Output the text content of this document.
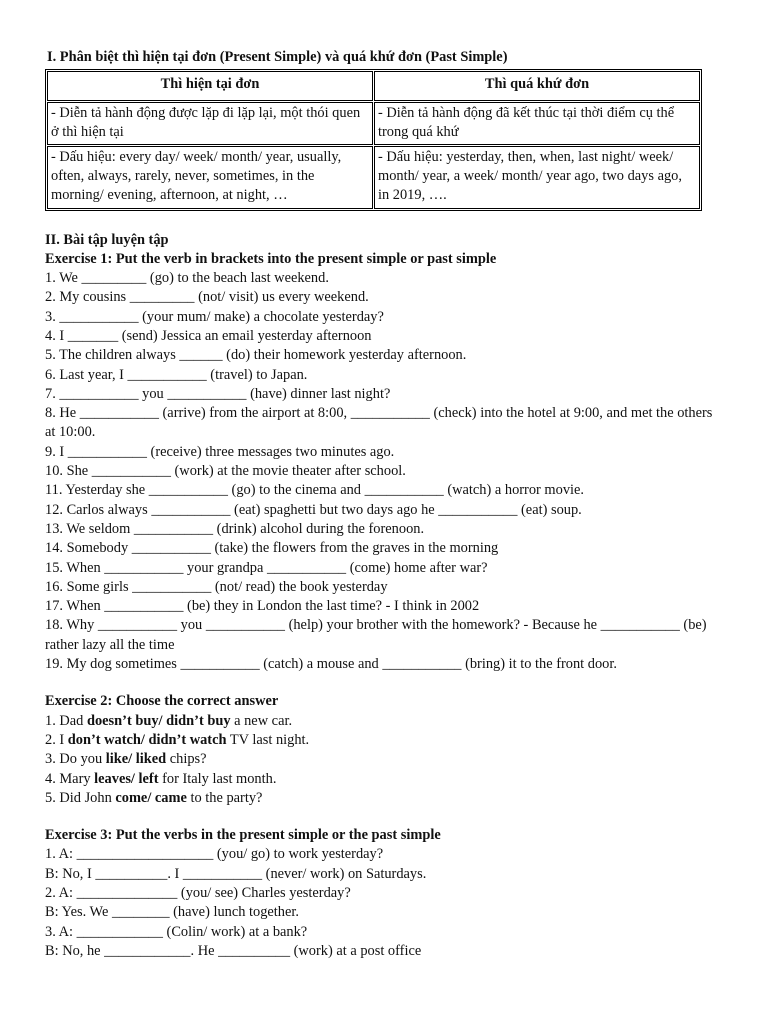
I. Phân biệt thì hiện tại đơn (Present Simple) và quá khứ đơn (Past Simple)
Thì hiện tại đơn	Thì quá khứ đơn
- Diễn tả hành động được lặp đi lặp lại, một thói quen ở thì hiện tại	- Diễn tả hành động đã kết thúc tại thời điểm cụ thể trong quá khứ
- Dấu hiệu: every day/ week/ month/ year, usually, often, always, rarely, never, sometimes, in the morning/ evening, afternoon, at night, …	- Dấu hiệu: yesterday, then, when, last night/ week/ month/ year, a week/ month/ year ago, two days ago, in 2019, ….
II. Bài tập luyện tập
Exercise 1: Put the verb in brackets into the present simple or past simple
1. We _________ (go) to the beach last weekend.
2. My cousins _________ (not/ visit) us every weekend.
3. ___________ (your mum/ make) a chocolate yesterday?
4. I _______ (send) Jessica an email yesterday afternoon
5. The children always ______ (do) their homework yesterday afternoon.
6. Last year, I ___________ (travel) to Japan.
7. ___________ you ___________ (have) dinner last night?
8. He ___________ (arrive) from the airport at 8:00, ___________ (check) into the hotel at 9:00, and met the others at 10:00.
9. I ___________ (receive) three messages two minutes ago.
10. She ___________ (work) at the movie theater after school.
11. Yesterday she ___________ (go) to the cinema and ___________ (watch) a horror movie.
12. Carlos always ___________ (eat) spaghetti but two days ago he ___________ (eat) soup.
13. We seldom ___________ (drink) alcohol during the forenoon.
14. Somebody ___________ (take) the flowers from the graves in the morning
15. When ___________ your grandpa ___________ (come) home after war?
16. Some girls ___________ (not/ read) the book yesterday
17. When ___________ (be) they in London the last time? - I think in 2002
18. Why ___________ you ___________ (help) your brother with the homework? - Because he ___________ (be) rather lazy all the time
19. My dog sometimes ___________ (catch) a mouse and ___________ (bring) it to the front door.
Exercise 2: Choose the correct answer
1. Dad doesn’t buy/ didn’t buy a new car.
2. I don’t watch/ didn’t watch TV last night.
3. Do you like/ liked chips?
4. Mary leaves/ left for Italy last month.
5. Did John come/ came to the party?
Exercise 3: Put the verbs in the present simple or the past simple
1. A: ___________________ (you/ go) to work yesterday?
B: No, I __________. I ___________ (never/ work) on Saturdays.
2. A: ______________ (you/ see) Charles yesterday?
B: Yes. We ________ (have) lunch together.
3. A: ____________ (Colin/ work) at a bank?
B: No, he ____________. He __________ (work) at a post office
